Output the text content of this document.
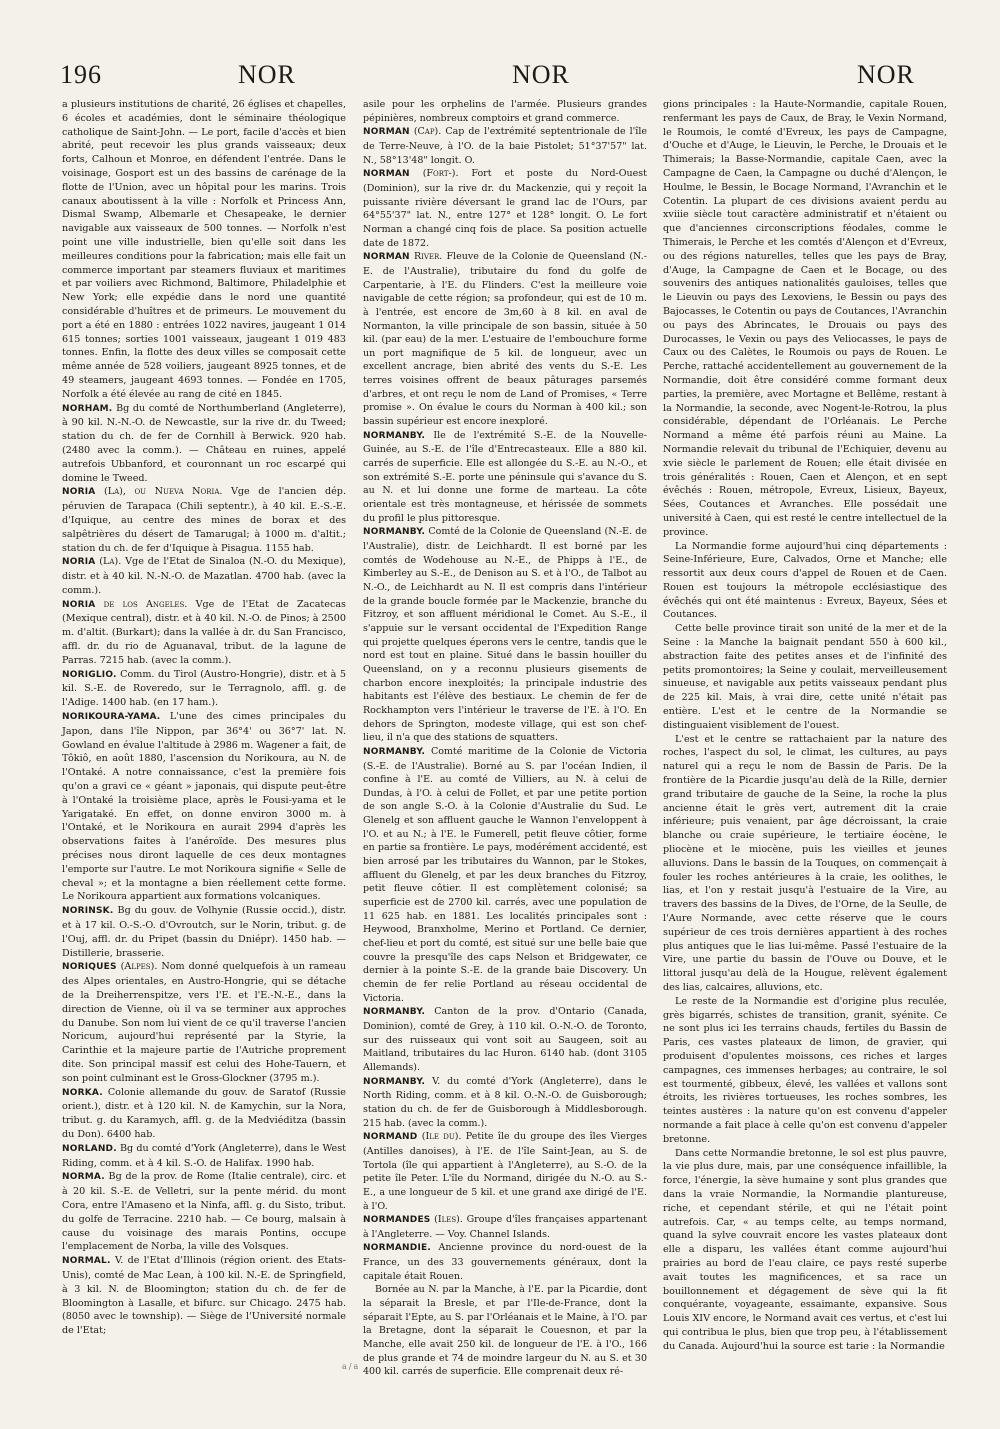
196	NOR	NOR	NOR

a plusieurs institutions de charité, 26 églises et chapelles, 6 écoles et académies, dont le séminaire théologique catholique de Saint-John. — Le port, facile d'accès et bien abrité, peut recevoir les plus grands vaisseaux; deux forts, Calhoun et Monroe, en défendent l'entrée. Dans le voisinage, Gosport est un des bassins de carénage de la flotte de l'Union, avec un hôpital pour les marins. Trois canaux aboutissent à la ville : Norfolk et Princess Ann, Dismal Swamp, Albemarle et Chesapeake, le dernier navigable aux vaisseaux de 500 tonnes. — Norfolk n'est point une ville industrielle, bien qu'elle soit dans les meilleures conditions pour la fabrication; mais elle fait un commerce important par steamers fluviaux et maritimes et par voiliers avec Richmond, Baltimore, Philadelphie et New York; elle expédie dans le nord une quantité considérable d'huîtres et de primeurs. Le mouvement du port a été en 1880 : entrées 1022 navires, jaugeant 1 014 615 tonnes; sorties 1001 vaisseaux, jaugeant 1 019 483 tonnes. Enfin, la flotte des deux villes se composait cette même année de 528 voiliers, jaugeant 8925 tonnes, et de 49 steamers, jaugeant 4693 tonnes. — Fondée en 1705, Norfolk a été élevée au rang de cité en 1845.

NORHAM. Bg du comté de Northumberland (Angleterre), à 90 kil. N.-N.-O. de Newcastle, sur la rive dr. du Tweed; station du ch. de fer de Cornhill à Berwick. 920 hab. (2480 avec la comm.). — Château en ruines, appelé autrefois Ubbanford, et couronnant un roc escarpé qui domine le Tweed.

NORIA (La), ou Nueva Noria. Vge de l'ancien dép. péruvien de Tarapaca (Chili septentr.), à 40 kil. E.-S.-E. d'Iquique, au centre des mines de borax et des salpêtrières du désert de Tamarugal; à 1000 m. d'altit.; station du ch. de fer d'Iquique à Pisagua. 1155 hab.

NORIA (La). Vge de l'Etat de Sinaloa (N.-O. du Mexique), distr. et à 40 kil. N.-N.-O. de Mazatlan. 4700 hab. (avec la comm.).

NORIA de los Angeles. Vge de l'Etat de Zacatecas (Mexique central), distr. et à 40 kil. N.-O. de Pinos; à 2500 m. d'altit. (Burkart); dans la vallée à dr. du San Francisco, affl. dr. du rio de Aguanaval, tribut. de la lagune de Parras. 7215 hab. (avec la comm.).

NORIGLIO. Comm. du Tirol (Austro-Hongrie), distr. et à 5 kil. S.-E. de Roveredo, sur le Terragnolo, affl. g. de l'Adige. 1400 hab. (en 17 ham.).

NORIKOURA-YAMA. L'une des cimes principales du Japon, dans l'île Nippon, par 36°4' ou 36°7' lat. N. Gowland en évalue l'altitude à 2986 m. Wagener a fait, de Tôkiô, en août 1880, l'ascension du Norikoura, au N. de l'Ontaké. A notre connaissance, c'est la première fois qu'on a gravi ce « géant » japonais, qui dispute peut-être à l'Ontaké la troisième place, après le Fousi-yama et le Yarigataké. En effet, on donne environ 3000 m. à l'Ontaké, et le Norikoura en aurait 2994 d'après les observations faites à l'anéroïde. Des mesures plus précises nous diront laquelle de ces deux montagnes l'emporte sur l'autre. Le mot Norikoura signifie « Selle de cheval »; et la montagne a bien réellement cette forme. Le Norikoura appartient aux formations volcaniques.

NORINSK. Bg du gouv. de Volhynie (Russie occid.), distr. et à 17 kil. O.-S.-O. d'Ovroutch, sur le Norin, tribut. g. de l'Ouj, affl. dr. du Pripet (bassin du Dniépr). 1450 hab. — Distillerie, brasserie.

NORIQUES (Alpes). Nom donné quelquefois à un rameau des Alpes orientales, en Austro-Hongrie, qui se détache de la Dreiherrenspitze, vers l'E. et l'E.-N.-E., dans la direction de Vienne, où il va se terminer aux approches du Danube. Son nom lui vient de ce qu'il traverse l'ancien Noricum, aujourd'hui représenté par la Styrie, la Carinthie et la majeure partie de l'Autriche proprement dite. Son principal massif est celui des Hohe-Tauern, et son point culminant est le Gross-Glockner (3795 m.).

NORKA. Colonie allemande du gouv. de Saratof (Russie orient.), distr. et à 120 kil. N. de Kamychin, sur la Nora, tribut. g. du Karamych, affl. g. de la Medviéditza (bassin du Don). 6400 hab.

NORLAND. Bg du comté d'York (Angleterre), dans le West Riding, comm. et à 4 kil. S.-O. de Halifax. 1990 hab.

NORMA. Bg de la prov. de Rome (Italie centrale), circ. et à 20 kil. S.-E. de Velletri, sur la pente mérid. du mont Cora, entre l'Amaseno et la Ninfa, affl. g. du Sisto, tribut. du golfe de Terracine. 2210 hab. — Ce bourg, malsain à cause du voisinage des marais Pontins, occupe l'emplacement de Norba, la ville des Volsques.

NORMAL. V. de l'Etat d'Illinois (région orient. des Etats-Unis), comté de Mac Lean, à 100 kil. N.-E. de Springfield, à 3 kil. N. de Bloomington; station du ch. de fer de Bloomington à Lasalle, et bifurc. sur Chicago. 2475 hab. (8050 avec le township). — Siège de l'Université normale de l'Etat;

asile pour les orphelins de l'armée. Plusieurs grandes pépinières, nombreux comptoirs et grand commerce.

NORMAN (Cap). Cap de l'extrémité septentrionale de l'île de Terre-Neuve, à l'O. de la baie Pistolet; 51°37'57" lat. N., 58°13'48" longit. O.

NORMAN (Fort-). Fort et poste du Nord-Ouest (Dominion), sur la rive dr. du Mackenzie, qui y reçoit la puissante rivière déversant le grand lac de l'Ours, par 64°55'37" lat. N., entre 127° et 128° longit. O. Le fort Norman a changé cinq fois de place. Sa position actuelle date de 1872.

NORMAN River. Fleuve de la Colonie de Queensland (N.-E. de l'Australie), tributaire du fond du golfe de Carpentarie, à l'E. du Flinders. C'est la meilleure voie navigable de cette région; sa profondeur, qui est de 10 m. à l'entrée, est encore de 3m,60 à 8 kil. en aval de Normanton, la ville principale de son bassin, située à 50 kil. (par eau) de la mer. L'estuaire de l'embouchure forme un port magnifique de 5 kil. de longueur, avec un excellent ancrage, bien abrité des vents du S.-E. Les terres voisines offrent de beaux pâturages parsemés d'arbres, et ont reçu le nom de Land of Promises, « Terre promise ». On évalue le cours du Norman à 400 kil.; son bassin supérieur est encore inexploré.

NORMANBY. Ile de l'extrémité S.-E. de la Nouvelle-Guinée, au S.-E. de l'île d'Entrecasteaux. Elle a 880 kil. carrés de superficie. Elle est allongée du S.-E. au N.-O., et son extrémité S.-E. porte une péninsule qui s'avance du S. au N. et lui donne une forme de marteau. La côte orientale est très montagneuse, et hérissée de sommets du profil le plus pittoresque.

NORMANBY. Comté de la Colonie de Queensland (N.-E. de l'Australie), distr. de Leichhardt. Il est borné par les comtés de Wodehouse au N.-E., de Phipps à l'E., de Kimberley au S.-E., de Denison au S. et à l'O., de Talbot au N.-O., de Leichhardt au N. Il est compris dans l'intérieur de la grande boucle formée par le Mackenzie, branche du Fitzroy, et son affluent méridional le Comet. Au S.-E., il s'appuie sur le versant occidental de l'Expedition Range qui projette quelques éperons vers le centre, tandis que le nord est tout en plaine. Situé dans le bassin houiller du Queensland, on y a reconnu plusieurs gisements de charbon encore inexploités; la principale industrie des habitants est l'élève des bestiaux. Le chemin de fer de Rockhampton vers l'intérieur le traverse de l'E. à l'O. En dehors de Springton, modeste village, qui est son chef-lieu, il n'a que des stations de squatters.

NORMANBY. Comté maritime de la Colonie de Victoria (S.-E. de l'Australie). Borné au S. par l'océan Indien, il confine à l'E. au comté de Villiers, au N. à celui de Dundas, à l'O. à celui de Follet, et par une petite portion de son angle S.-O. à la Colonie d'Australie du Sud. Le Glenelg et son affluent gauche le Wannon l'enveloppent à l'O. et au N.; à l'E. le Fumerell, petit fleuve côtier, forme en partie sa frontière. Le pays, modérément accidenté, est bien arrosé par les tributaires du Wannon, par le Stokes, affluent du Glenelg, et par les deux branches du Fitzroy, petit fleuve côtier. Il est complètement colonisé; sa superficie est de 2700 kil. carrés, avec une population de 11 625 hab. en 1881. Les localités principales sont : Heywood, Branxholme, Merino et Portland. Ce dernier, chef-lieu et port du comté, est situé sur une belle baie que couvre la presqu'île des caps Nelson et Bridgewater, ce dernier à la pointe S.-E. de la grande baie Discovery. Un chemin de fer relie Portland au réseau occidental de Victoria.

NORMANBY. Canton de la prov. d'Ontario (Canada, Dominion), comté de Grey, à 110 kil. O.-N.-O. de Toronto, sur des ruisseaux qui vont soit au Saugeen, soit au Maitland, tributaires du lac Huron. 6140 hab. (dont 3105 Allemands).

NORMANBY. V. du comté d'York (Angleterre), dans le North Riding, comm. et à 8 kil. O.-N.-O. de Guisborough; station du ch. de fer de Guisborough à Middlesborough. 215 hab. (avec la comm.).

NORMAND (Ile du). Petite île du groupe des îles Vierges (Antilles danoises), à l'E. de l'île Saint-Jean, au S. de Tortola (île qui appartient à l'Angleterre), au S.-O. de la petite île Peter. L'île du Normand, dirigée du N.-O. au S.-E., a une longueur de 5 kil. et une grand axe dirigé de l'E. à l'O.

NORMANDES (Iles). Groupe d'îles françaises appartenant à l'Angleterre. — Voy. Channel Islands.

NORMANDIE. Ancienne province du nord-ouest de la France, un des 33 gouvernements généraux, dont la capitale était Rouen.

Bornée au N. par la Manche, à l'E. par la Picardie, dont la séparait la Bresle, et par l'Ile-de-France, dont la séparait l'Epte, au S. par l'Orléanais et le Maine, à l'O. par la Bretagne, dont la séparait le Couesnon, et par la Manche, elle avait 250 kil. de longueur de l'E. à l'O., 166 de plus grande et 74 de moindre largeur du N. au S. et 30 400 kil. carrés de superficie. Elle comprenait deux ré-

gions principales : la Haute-Normandie, capitale Rouen, renfermant les pays de Caux, de Bray, le Vexin Normand, le Roumois, le comté d'Evreux, les pays de Campagne, d'Ouche et d'Auge, le Lieuvin, le Perche, le Drouais et le Thimerais; la Basse-Normandie, capitale Caen, avec la Campagne de Caen, la Campagne ou duché d'Alençon, le Houlme, le Bessin, le Bocage Normand, l'Avranchin et le Cotentin. La plupart de ces divisions avaient perdu au xviiie siècle tout caractère administratif et n'étaient ou que d'anciennes circonscriptions féodales, comme le Thimerais, le Perche et les comtés d'Alençon et d'Evreux, ou des régions naturelles, telles que les pays de Bray, d'Auge, la Campagne de Caen et le Bocage, ou des souvenirs des antiques nationalités gauloises, telles que le Lieuvin ou pays des Lexoviens, le Bessin ou pays des Bajocasses, le Cotentin ou pays de Coutances, l'Avranchin ou pays des Abrincates, le Drouais ou pays des Durocasses, le Vexin ou pays des Veliocasses, le pays de Caux ou des Calètes, le Roumois ou pays de Rouen. Le Perche, rattaché accidentellement au gouvernement de la Normandie, doit être considéré comme formant deux parties, la première, avec Mortagne et Bellême, restant à la Normandie, la seconde, avec Nogent-le-Rotrou, la plus considérable, dépendant de l'Orléanais. Le Perche Normand a même été parfois réuni au Maine. La Normandie relevait du tribunal de l'Echiquier, devenu au xvie siècle le parlement de Rouen; elle était divisée en trois généralités : Rouen, Caen et Alençon, et en sept évêchés : Rouen, métropole, Evreux, Lisieux, Bayeux, Sées, Coutances et Avranches. Elle possédait une université à Caen, qui est resté le centre intellectuel de la province.

La Normandie forme aujourd'hui cinq départements : Seine-Inférieure, Eure, Calvados, Orne et Manche; elle ressortit aux deux cours d'appel de Rouen et de Caen. Rouen est toujours la métropole ecclésiastique des évêchés qui ont été maintenus : Evreux, Bayeux, Sées et Coutances.

Cette belle province tirait son unité de la mer et de la Seine : la Manche la baignait pendant 550 à 600 kil., abstraction faite des petites anses et de l'infinité des petits promontoires; la Seine y coulait, merveilleusement sinueuse, et navigable aux petits vaisseaux pendant plus de 225 kil. Mais, à vrai dire, cette unité n'était pas entière. L'est et le centre de la Normandie se distinguaient visiblement de l'ouest.

L'est et le centre se rattachaient par la nature des roches, l'aspect du sol, le climat, les cultures, au pays naturel qui a reçu le nom de Bassin de Paris. De la frontière de la Picardie jusqu'au delà de la Rille, dernier grand tributaire de gauche de la Seine, la roche la plus ancienne était le grès vert, autrement dit la craie inférieure; puis venaient, par âge décroissant, la craie blanche ou craie supérieure, le tertiaire éocène, le pliocène et le miocène, puis les vieilles et jeunes alluvions. Dans le bassin de la Touques, on commençait à fouler les roches antérieures à la craie, les oolithes, le lias, et l'on y restait jusqu'à l'estuaire de la Vire, au travers des bassins de la Dives, de l'Orne, de la Seulle, de l'Aure Normande, avec cette réserve que le cours supérieur de ces trois dernières appartient à des roches plus antiques que le lias lui-même. Passé l'estuaire de la Vire, une partie du bassin de l'Ouve ou Douve, et le littoral jusqu'au delà de la Hougue, relèvent également des lias, calcaires, alluvions, etc.

Le reste de la Normandie est d'origine plus reculée, grès bigarrés, schistes de transition, granit, syénite. Ce ne sont plus ici les terrains chauds, fertiles du Bassin de Paris, ces vastes plateaux de limon, de gravier, qui produisent d'opulentes moissons, ces riches et larges campagnes, ces immenses herbages; au contraire, le sol est tourmenté, gibbeux, élevé, les vallées et vallons sont étroits, les rivières tortueuses, les roches sombres, les teintes austères : la nature qu'on est convenu d'appeler normande a fait place à celle qu'on est convenu d'appeler bretonne.

Dans cette Normandie bretonne, le sol est plus pauvre, la vie plus dure, mais, par une conséquence infaillible, la force, l'énergie, la sève humaine y sont plus grandes que dans la vraie Normandie, la Normandie plantureuse, riche, et cependant stérile, et qui ne l'était point autrefois. Car, « au temps celte, au temps normand, quand la sylve couvrait encore les vastes plateaux dont elle a disparu, les vallées étant comme aujourd'hui prairies au bord de l'eau claire, ce pays resté superbe avait toutes les magnificences, et sa race un bouillonnement et dégagement de sève qui la fit conquérante, voyageante, essaimante, expansive. Sous Louis XIV encore, le Normand avait ces vertus, et c'est lui qui contribua le plus, bien que trop peu, à l'établissement du Canada. Aujourd'hui la source est tarie : la Normandie

a/a
